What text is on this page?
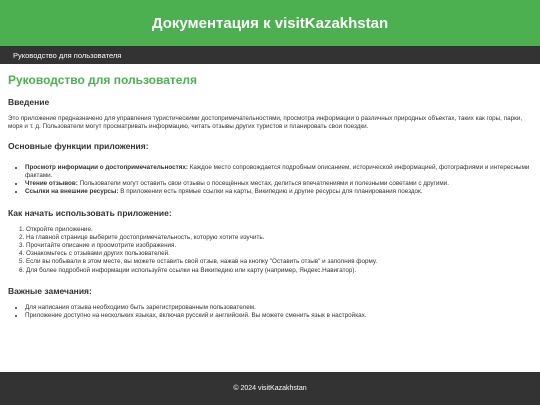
Документация к visitKazakhstan
Руководство для пользователя
Руководство для пользователя
Введение

Это приложение предназначено для управления туристическими достопримечательностями, просмотра информации о различных природных объектах, таких как горы, парки, моря и т. д. Пользователи могут просматривать информацию, читать отзывы других туристов и планировать свои поездки.

Основные функции приложения:
• Просмотр информации о достопримечательностях: Каждое место сопровождается подробным описанием, исторической информацией, фотографиями и интересными фактами.
• Чтение отзывов: Пользователи могут оставить свои отзывы о посещённых местах, делиться впечатлениями и полезными советами с другими.
• Ссылки на внешние ресурсы: В приложении есть прямые ссылки на карты, Википедию и другие ресурсы для планирования поездок.
Как начать использовать приложение:
1. Откройте приложение.
2. На главной странице выберите достопримечательность, которую хотите изучить.
3. Прочитайте описание и просмотрите изображения.
4. Ознакомьтесь с отзывами других пользователей.
5. Если вы побывали в этом месте, вы можете оставить свой отзыв, нажав на кнопку "Оставить отзыв" и заполнив форму.
6. Для более подробной информации используйте ссылки на Википедию или карту (например, Яндекс.Навигатор).
Важные замечания:
• Для написания отзыва необходимо быть зарегистрированным пользователем.
• Приложение доступно на нескольких языках, включая русский и английский. Вы можете сменить язык в настройках.

© 2024 visitKazakhstan
